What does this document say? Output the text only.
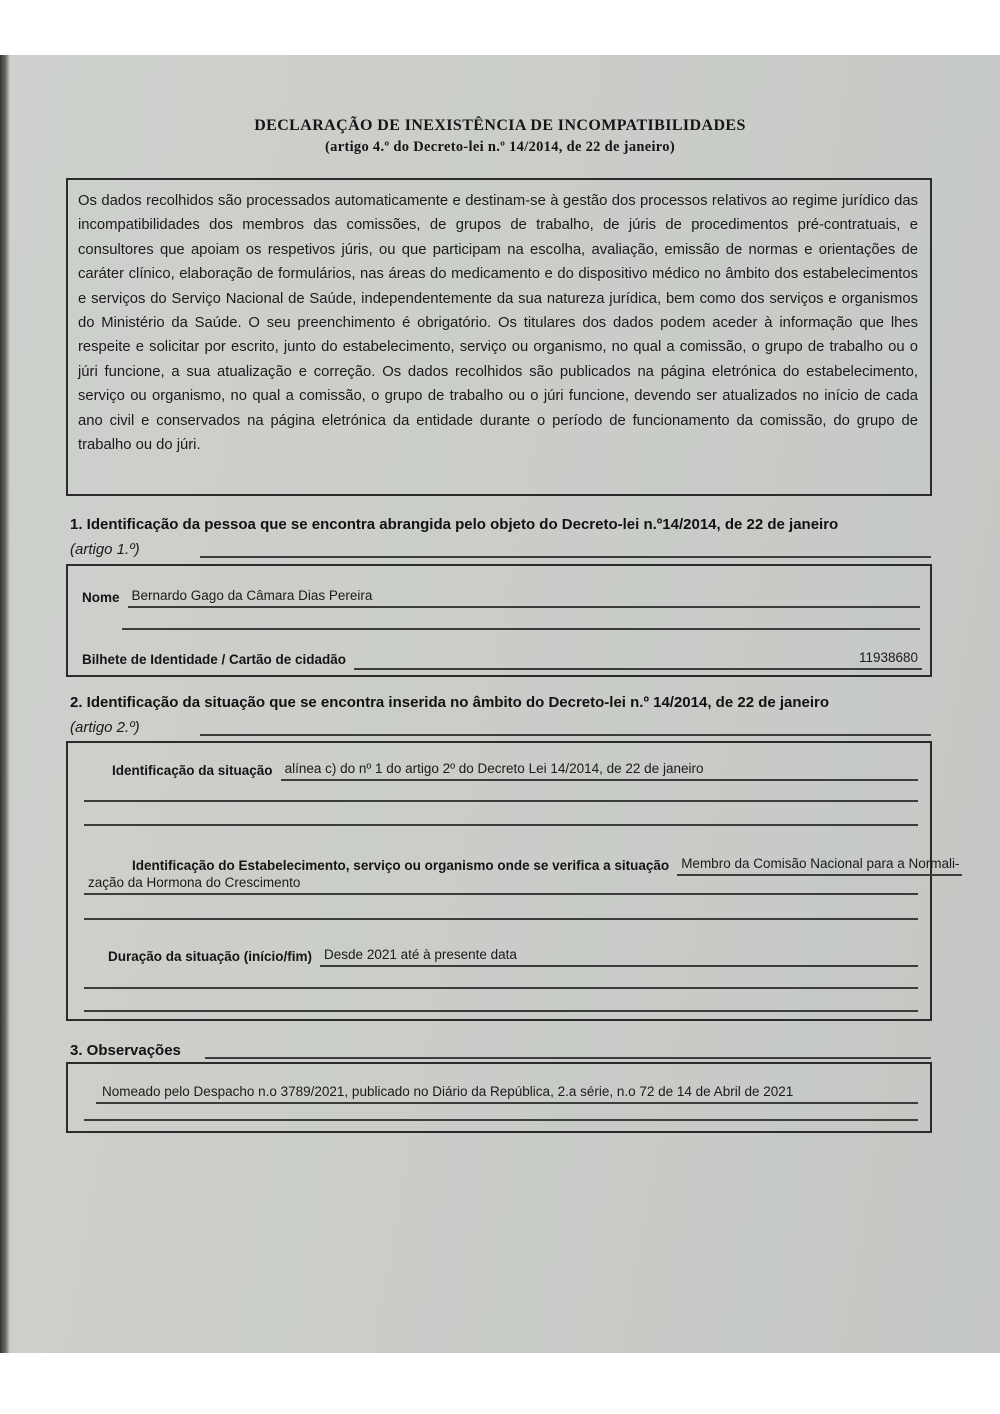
DECLARAÇÃO DE INEXISTÊNCIA DE INCOMPATIBILIDADES
(artigo 4.º do Decreto-lei n.º 14/2014, de 22 de janeiro)
Os dados recolhidos são processados automaticamente e destinam-se à gestão dos processos relativos ao regime jurídico das incompatibilidades dos membros das comissões, de grupos de trabalho, de júris de procedimentos pré-contratuais, e consultores que apoiam os respetivos júris, ou que participam na escolha, avaliação, emissão de normas e orientações de caráter clínico, elaboração de formulários, nas áreas do medicamento e do dispositivo médico no âmbito dos estabelecimentos e serviços do Serviço Nacional de Saúde, independentemente da sua natureza jurídica, bem como dos serviços e organismos do Ministério da Saúde. O seu preenchimento é obrigatório. Os titulares dos dados podem aceder à informação que lhes respeite e solicitar por escrito, junto do estabelecimento, serviço ou organismo, no qual a comissão, o grupo de trabalho ou o júri funcione, a sua atualização e correção. Os dados recolhidos são publicados na página eletrónica do estabelecimento, serviço ou organismo, no qual a comissão, o grupo de trabalho ou o júri funcione, devendo ser atualizados no início de cada ano civil e conservados na página eletrónica da entidade durante o período de funcionamento da comissão, do grupo de trabalho ou do júri.
1. Identificação da pessoa que se encontra abrangida pelo objeto do Decreto-lei n.º14/2014, de 22 de janeiro
(artigo 1.º)
Nome Bernardo Gago da Câmara Dias Pereira
Bilhete de Identidade / Cartão de cidadão	11938680
2. Identificação da situação que se encontra inserida no âmbito do Decreto-lei n.º 14/2014, de 22 de janeiro
(artigo 2.º)
Identificação da situação alínea c) do nº 1 do artigo 2º do Decreto Lei 14/2014, de 22 de janeiro
Identificação do Estabelecimento, serviço ou organismo onde se verifica a situação Membro da Comisão Nacional para a Normali-
zação da Hormona do Crescimento
Duração da situação (início/fim) Desde 2021 até à presente data
3. Observações
Nomeado pelo Despacho n.o 3789/2021, publicado no Diário da República, 2.a série, n.o 72 de 14 de Abril de 2021
